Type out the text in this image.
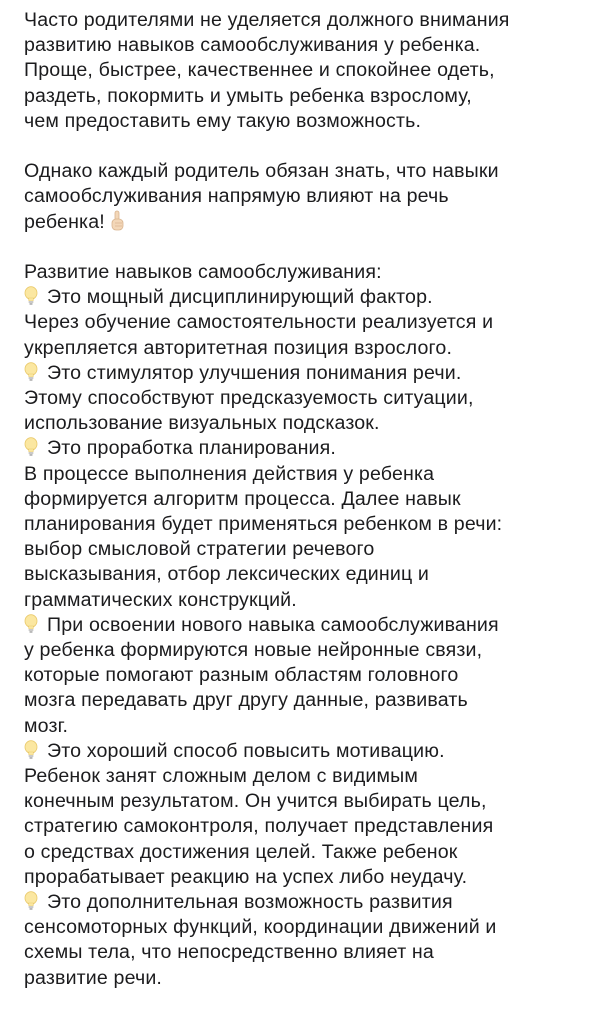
Часто родителями не уделяется должного внимания
развитию навыков самообслуживания у ребенка.
Проще, быстрее, качественнее и спокойнее одеть,
раздеть, покормить и умыть ребенка взрослому,
чем предоставить ему такую возможность.

Однако каждый родитель обязан знать, что навыки
самообслуживания напрямую влияют на речь
ребенка!

Развитие навыков самообслуживания:
Это мощный дисциплинирующий фактор.
Через обучение самостоятельности реализуется и
укрепляется авторитетная позиция взрослого.
Это стимулятор улучшения понимания речи.
Этому способствуют предсказуемость ситуации,
использование визуальных подсказок.
Это проработка планирования.
В процессе выполнения действия у ребенка
формируется алгоритм процесса. Далее навык
планирования будет применяться ребенком в речи:
выбор смысловой стратегии речевого
высказывания, отбор лексических единиц и
грамматических конструкций.
При освоении нового навыка самообслуживания
у ребенка формируются новые нейронные связи,
которые помогают разным областям головного
мозга передавать друг другу данные, развивать
мозг.
Это хороший способ повысить мотивацию.
Ребенок занят сложным делом с видимым
конечным результатом. Он учится выбирать цель,
стратегию самоконтроля, получает представления
о средствах достижения целей. Также ребенок
прорабатывает реакцию на успех либо неудачу.
Это дополнительная возможность развития
сенсомоторных функций, координации движений и
схемы тела, что непосредственно влияет на
развитие речи.
